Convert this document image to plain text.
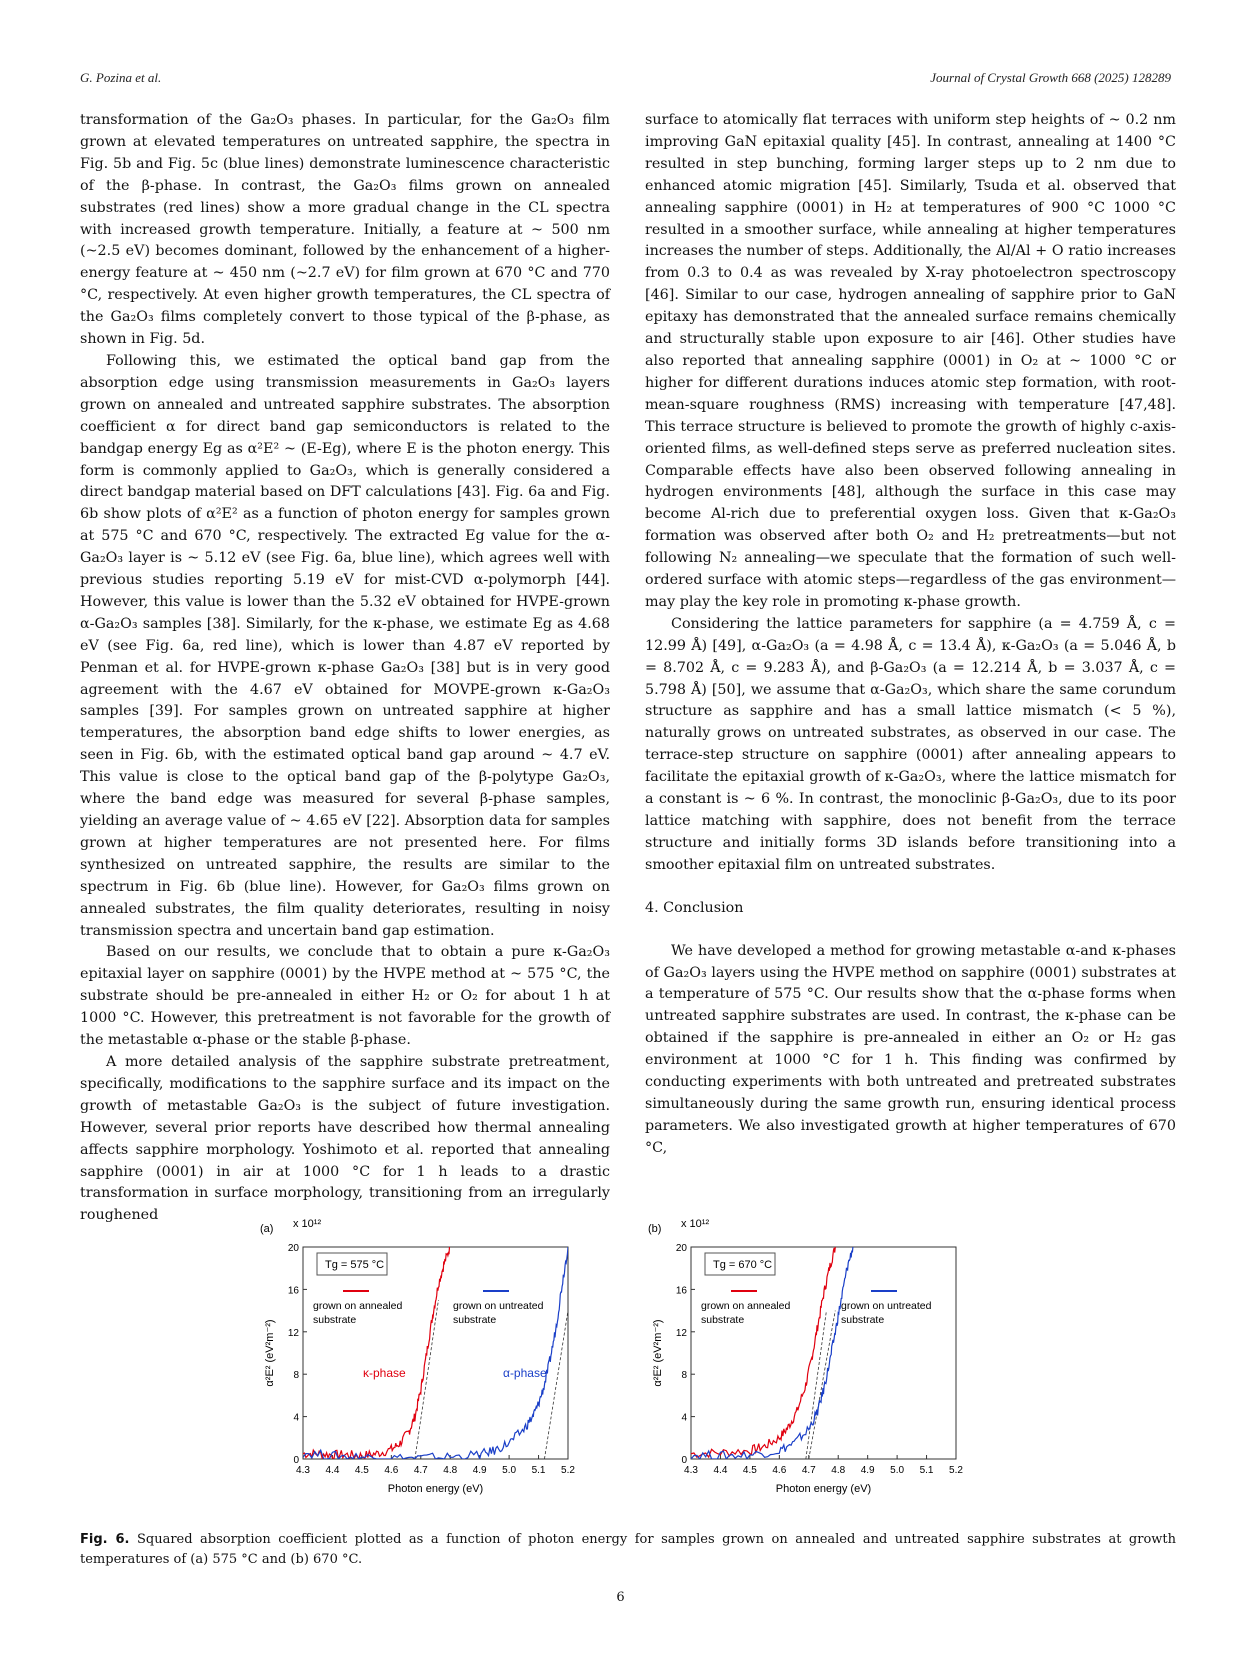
G. Pozina et al.	Journal of Crystal Growth 668 (2025) 128289

transformation of the Ga₂O₃ phases. In particular, for the Ga₂O₃ film grown at elevated temperatures on untreated sapphire, the spectra in Fig. 5b and Fig. 5c (blue lines) demonstrate luminescence characteristic of the β-phase. In contrast, the Ga₂O₃ films grown on annealed substrates (red lines) show a more gradual change in the CL spectra with increased growth temperature. Initially, a feature at ~ 500 nm (~2.5 eV) becomes dominant, followed by the enhancement of a higher-energy feature at ~ 450 nm (~2.7 eV) for film grown at 670 °C and 770 °C, respectively. At even higher growth temperatures, the CL spectra of the Ga₂O₃ films completely convert to those typical of the β-phase, as shown in Fig. 5d.

Following this, we estimated the optical band gap from the absorption edge using transmission measurements in Ga₂O₃ layers grown on annealed and untreated sapphire substrates. The absorption coefficient α for direct band gap semiconductors is related to the bandgap energy Eg as α²E² ~ (E-Eg), where E is the photon energy. This form is commonly applied to Ga₂O₃, which is generally considered a direct bandgap material based on DFT calculations [43]. Fig. 6a and Fig. 6b show plots of α²E² as a function of photon energy for samples grown at 575 °C and 670 °C, respectively. The extracted Eg value for the α-Ga₂O₃ layer is ~ 5.12 eV (see Fig. 6a, blue line), which agrees well with previous studies reporting 5.19 eV for mist-CVD α-polymorph [44]. However, this value is lower than the 5.32 eV obtained for HVPE-grown α-Ga₂O₃ samples [38]. Similarly, for the κ-phase, we estimate Eg as 4.68 eV (see Fig. 6a, red line), which is lower than 4.87 eV reported by Penman et al. for HVPE-grown κ-phase Ga₂O₃ [38] but is in very good agreement with the 4.67 eV obtained for MOVPE-grown κ-Ga₂O₃ samples [39]. For samples grown on untreated sapphire at higher temperatures, the absorption band edge shifts to lower energies, as seen in Fig. 6b, with the estimated optical band gap around ~ 4.7 eV. This value is close to the optical band gap of the β-polytype Ga₂O₃, where the band edge was measured for several β-phase samples, yielding an average value of ~ 4.65 eV [22]. Absorption data for samples grown at higher temperatures are not presented here. For films synthesized on untreated sapphire, the results are similar to the spectrum in Fig. 6b (blue line). However, for Ga₂O₃ films grown on annealed substrates, the film quality deteriorates, resulting in noisy transmission spectra and uncertain band gap estimation.

Based on our results, we conclude that to obtain a pure κ-Ga₂O₃ epitaxial layer on sapphire (0001) by the HVPE method at ~ 575 °C, the substrate should be pre-annealed in either H₂ or O₂ for about 1 h at 1000 °C. However, this pretreatment is not favorable for the growth of the metastable α-phase or the stable β-phase.

A more detailed analysis of the sapphire substrate pretreatment, specifically, modifications to the sapphire surface and its impact on the growth of metastable Ga₂O₃ is the subject of future investigation. However, several prior reports have described how thermal annealing affects sapphire morphology. Yoshimoto et al. reported that annealing sapphire (0001) in air at 1000 °C for 1 h leads to a drastic transformation in surface morphology, transitioning from an irregularly roughened

surface to atomically flat terraces with uniform step heights of ~ 0.2 nm improving GaN epitaxial quality [45]. In contrast, annealing at 1400 °C resulted in step bunching, forming larger steps up to 2 nm due to enhanced atomic migration [45]. Similarly, Tsuda et al. observed that annealing sapphire (0001) in H₂ at temperatures of 900 °C 1000 °C resulted in a smoother surface, while annealing at higher temperatures increases the number of steps. Additionally, the Al/Al + O ratio increases from 0.3 to 0.4 as was revealed by X-ray photoelectron spectroscopy [46]. Similar to our case, hydrogen annealing of sapphire prior to GaN epitaxy has demonstrated that the annealed surface remains chemically and structurally stable upon exposure to air [46]. Other studies have also reported that annealing sapphire (0001) in O₂ at ~ 1000 °C or higher for different durations induces atomic step formation, with root-mean-square roughness (RMS) increasing with temperature [47,48]. This terrace structure is believed to promote the growth of highly c-axis-oriented films, as well-defined steps serve as preferred nucleation sites. Comparable effects have also been observed following annealing in hydrogen environments [48], although the surface in this case may become Al-rich due to preferential oxygen loss. Given that κ-Ga₂O₃ formation was observed after both O₂ and H₂ pretreatments—but not following N₂ annealing—we speculate that the formation of such well-ordered surface with atomic steps—regardless of the gas environment—may play the key role in promoting κ-phase growth.

Considering the lattice parameters for sapphire (a = 4.759 Å, c = 12.99 Å) [49], α-Ga₂O₃ (a = 4.98 Å, c = 13.4 Å), κ-Ga₂O₃ (a = 5.046 Å, b = 8.702 Å, c = 9.283 Å), and β-Ga₂O₃ (a = 12.214 Å, b = 3.037 Å, c = 5.798 Å) [50], we assume that α-Ga₂O₃, which share the same corundum structure as sapphire and has a small lattice mismatch (< 5 %), naturally grows on untreated substrates, as observed in our case. The terrace-step structure on sapphire (0001) after annealing appears to facilitate the epitaxial growth of κ-Ga₂O₃, where the lattice mismatch for a constant is ~ 6 %. In contrast, the monoclinic β-Ga₂O₃, due to its poor lattice matching with sapphire, does not benefit from the terrace structure and initially forms 3D islands before transitioning into a smoother epitaxial film on untreated substrates.

4. Conclusion

We have developed a method for growing metastable α-and κ-phases of Ga₂O₃ layers using the HVPE method on sapphire (0001) substrates at a temperature of 575 °C. Our results show that the α-phase forms when untreated sapphire substrates are used. In contrast, the κ-phase can be obtained if the sapphire is pre-annealed in either an O₂ or H₂ gas environment at 1000 °C for 1 h. This finding was confirmed by conducting experiments with both untreated and pretreated substrates simultaneously during the same growth run, ensuring identical process parameters. We also investigated growth at higher temperatures of 670 °C,

(a) x 10¹²
0
4
8
12
16
20
4.3 4.4 4.5 4.6 4.7 4.8 4.9 5.0 5.1 5.2
Photon energy (eV)
α²E² (eV²m⁻²)
Tg = 575 °C
grown on annealed
substrate
grown on untreated
substrate
κ-phase	α-phase
(b) x 10¹²
0
4
8
12
16
20
4.3 4.4 4.5 4.6 4.7 4.8 4.9 5.0 5.1 5.2
Photon energy (eV)
α²E² (eV²m⁻²)
Tg = 670 °C
grown on annealed
substrate
grown on untreated
substrate
Fig. 6. Squared absorption coefficient plotted as a function of photon energy for samples grown on annealed and untreated sapphire substrates at growth temperatures of (a) 575 °C and (b) 670 °C.
6
